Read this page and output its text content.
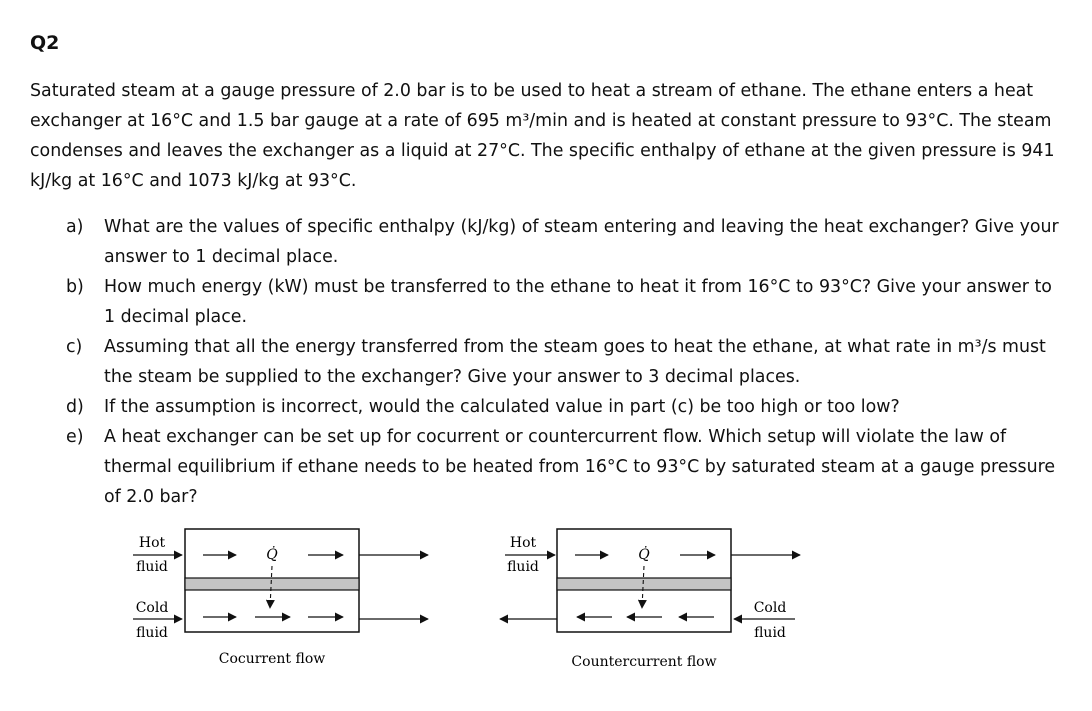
Q2

Saturated steam at a gauge pressure of 2.0 bar is to be used to heat a stream of ethane. The ethane enters a heat exchanger at 16°C and 1.5 bar gauge at a rate of 695 m³/min and is heated at constant pressure to 93°C. The steam condenses and leaves the exchanger as a liquid at 27°C. The specific enthalpy of ethane at the given pressure is 941 kJ/kg at 16°C and 1073 kJ/kg at 93°C.

a)	What are the values of specific enthalpy (kJ/kg) of steam entering and leaving the heat exchanger? Give your answer to 1 decimal place.
b)	How much energy (kW) must be transferred to the ethane to heat it from 16°C to 93°C? Give your answer to 1 decimal place.
c)	Assuming that all the energy transferred from the steam goes to heat the ethane, at what rate in m³/s must the steam be supplied to the exchanger? Give your answer to 3 decimal places.
d)	If the assumption is incorrect, would the calculated value in part (c) be too high or too low?
e)	A heat exchanger can be set up for cocurrent or countercurrent flow. Which setup will violate the law of thermal equilibrium if ethane needs to be heated from 16°C to 93°C by saturated steam at a gauge pressure of 2.0 bar?
Hot
fluid
Q̇
Cold
fluid
Cocurrent flow
Hot
fluid
Q̇
Cold
fluid
Countercurrent flow
